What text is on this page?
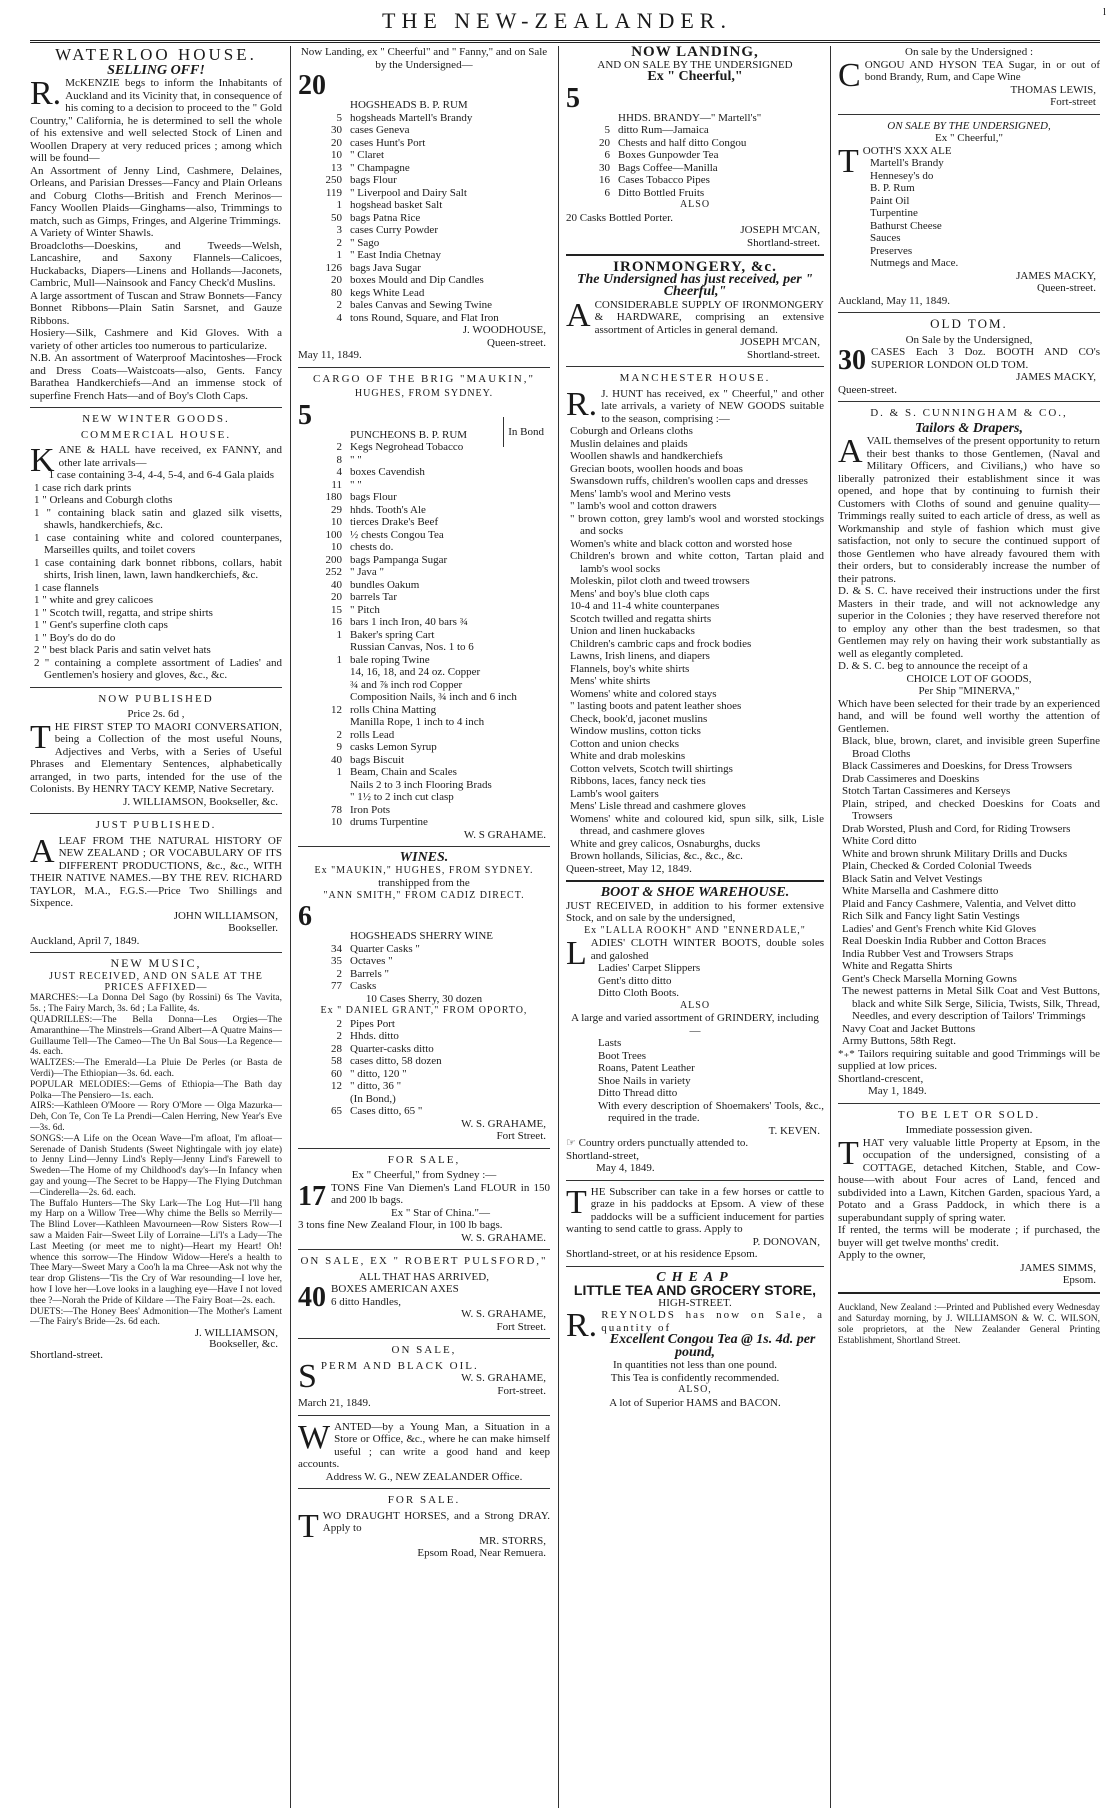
THE NEW-ZEALANDER.	l
WATERLOO HOUSE.
SELLING OFF!

R. McKENZIE begs to inform the Inhabitants of Auckland and its Vicinity that, in consequence of his coming to a decision to proceed to the " Gold Country," California, he is determined to sell the whole of his extensive and well selected Stock of Linen and Woollen Drapery at very reduced prices ; among which will be found—

An Assortment of Jenny Lind, Cashmere, Delaines, Orleans, and Parisian Dresses—Fancy and Plain Orleans and Coburg Cloths—British and French Merinos—Fancy Woollen Plaids—Ginghams—also, Trimmings to match, such as Gimps, Fringes, and Algerine Trimmings.

A Variety of Winter Shawls.

Broadcloths—Doeskins, and Tweeds—Welsh, Lancashire, and Saxony Flannels—Calicoes, Huckabacks, Diapers—Linens and Hollands—Jaconets, Cambric, Mull—Nainsook and Fancy Check'd Muslins.

A large assortment of Tuscan and Straw Bonnets—Fancy Bonnet Ribbons—Plain Satin Sarsnet, and Gauze Ribbons.

Hosiery—Silk, Cashmere and Kid Gloves. With a variety of other articles too numerous to particularize.

N.B. An assortment of Waterproof Macintoshes—Frock and Dress Coats—Waistcoats—also, Gents. Fancy Barathea Handkerchiefs—And an immense stock of superfine French Hats—and of Boy's Cloth Caps.

NEW WINTER GOODS.
COMMERCIAL HOUSE.

KANE & HALL have received, ex FANNY, and other late arrivals—

1 case containing 3-4, 4-4, 5-4, and 6-4 Gala plaids

1 case rich dark prints

1 " Orleans and Coburgh cloths

1 " containing black satin and glazed silk visetts, shawls, handkerchiefs, &c.

1 case containing white and colored counterpanes, Marseilles quilts, and toilet covers

1 case containing dark bonnet ribbons, collars, habit shirts, Irish linen, lawn, lawn handkerchiefs, &c.

1 case flannels

1 " white and grey calicoes

1 " Scotch twill, regatta, and stripe shirts

1 " Gent's superfine cloth caps

1 " Boy's do do do

2 " best black Paris and satin velvet hats

2 " containing a complete assortment of Ladies' and Gentlemen's hosiery and gloves, &c., &c.

NOW PUBLISHED
Price 2s. 6d ,

THE FIRST STEP TO MAORI CONVERSATION, being a Collection of the most useful Nouns, Adjectives and Verbs, with a Series of Useful Phrases and Elementary Sentences, alphabetically arranged, in two parts, intended for the use of the Colonists. By HENRY TACY KEMP, Native Secretary.

J. WILLIAMSON, Bookseller, &c.
JUST PUBLISHED.

ALEAF FROM THE NATURAL HISTORY OF NEW ZEALAND ; OR VOCABULARY OF ITS DIFFERENT PRODUCTIONS, &c., &c., WITH THEIR NATIVE NAMES.—BY THE REV. RICHARD TAYLOR, M.A., F.G.S.—Price Two Shillings and Sixpence.

JOHN WILLIAMSON,
Bookseller.
Auckland, April 7, 1849.
NEW MUSIC,
JUST RECEIVED, AND ON SALE AT THE PRICES AFFIXED—

MARCHES:—La Donna Del Sago (by Rossini) 6s The Vavita, 5s. ; The Fairy March, 3s. 6d ; La Fallite, 4s.

QUADRILLES:—The Bella Donna—Les Orgies—The Amaranthine—The Minstrels—Grand Albert—A Quatre Mains—Guillaume Tell—The Cameo—The Un Bal Sous—La Regence—4s. each.

WALTZES:—The Emerald—La Pluie De Perles (or Basta de Verdi)—The Ethiopian—3s. 6d. each.

POPULAR MELODIES:—Gems of Ethiopia—The Bath day Polka—The Pensiero—1s. each.

AIRS:—Kathleen O'Moore — Rory O'More — Olga Mazurka—Deh, Con Te, Con Te La Prendi—Calen Herring, New Year's Eve—3s. 6d.

SONGS:—A Life on the Ocean Wave—I'm afloat, I'm afloat—Serenade of Danish Students (Sweet Nightingale with joy elate) to Jenny Lind—Jenny Lind's Reply—Jenny Lind's Farewell to Sweden—The Home of my Childhood's day's—In Infancy when gay and young—The Secret to be Happy—The Flying Dutchman—Cinderella—2s. 6d. each.

The Buffalo Hunters—The Sky Lark—The Log Hut—I'll hang my Harp on a Willow Tree—Why chime the Bells so Merrily—The Blind Lover—Kathleen Mavourneen—Row Sisters Row—I saw a Maiden Fair—Sweet Lily of Lorraine—Li'l's a Lady—The Last Meeting (or meet me to night)—Heart my Heart! Oh! whence this sorrow—The Hindow Widow—Here's a health to Thee Mary—Sweet Mary a Coo'h la ma Chree—Ask not why the tear drop Glistens—'Tis the Cry of War resounding—I love her, how I love her—Love looks in a laughing eye—Have I not loved thee ?—Norah the Pride of Kildare —The Fairy Boat—2s. each.

DUETS:—The Honey Bees' Admonition—The Mother's Lament—The Fairy's Bride—2s. 6d each.

J. WILLIAMSON,
Bookseller, &c.
Shortland-street.

Now Landing, ex " Cheerful" and " Fanny," and on Sale by the Undersigned—

20
	HOGSHEADS B. P. RUM
5	hogsheads Martell's Brandy
30	cases Geneva
20	cases Hunt's Port
10	" Claret
13	" Champagne
250	bags Flour
119	" Liverpool and Dairy Salt
1	hogshead basket Salt
50	bags Patna Rice
3	cases Curry Powder
2	" Sago
1	" East India Chetnay
126	bags Java Sugar
20	boxes Mould and Dip Candles
80	kegs White Lead
2	bales Canvas and Sewing Twine
4	tons Round, Square, and Flat Iron
J. WOODHOUSE,
Queen-street.
May 11, 1849.
CARGO OF THE BRIG "MAUKIN,"
HUGHES, FROM SYDNEY.
5
In Bond
	PUNCHEONS B. P. RUM
2	Kegs Negrohead Tobacco
8	" "
4	boxes Cavendish
11	" "
180	bags Flour
29	hhds. Tooth's Ale
10	tierces Drake's Beef
100	½ chests Congou Tea
10	chests do.
200	bags Pampanga Sugar
252	" Java "
40	bundles Oakum
20	barrels Tar
15	" Pitch
16	bars 1 inch Iron, 40 bars ¾
1	Baker's spring Cart
	Russian Canvas, Nos. 1 to 6
1	bale roping Twine
	14, 16, 18, and 24 oz. Copper
	¾ and ⅞ inch rod Copper
	Composition Nails, ¾ inch and 6 inch
12	rolls China Matting
	Manilla Rope, 1 inch to 4 inch
2	rolls Lead
9	casks Lemon Syrup
40	bags Biscuit
1	Beam, Chain and Scales
	Nails 2 to 3 inch Flooring Brads
	" 1½ to 2 inch cut clasp
78	Iron Pots
10	drums Turpentine
W. S GRAHAME.
WINES.
Ex "MAUKIN," HUGHES, FROM SYDNEY.
transhipped from the
"ANN SMITH," FROM CADIZ DIRECT.
6
	HOGSHEADS SHERRY WINE
34	Quarter Casks "
35	Octaves "
2	Barrels "

77	Casks
10 Cases Sherry, 30 dozen
Ex " DANIEL GRANT," FROM OPORTO,
2	Pipes Port
2	Hhds. ditto
28	Quarter-casks ditto
58	cases ditto, 58 dozen
60	" ditto, 120 "
12	" ditto, 36 "
	(In Bond,)
65	Cases ditto, 65 "
W. S. GRAHAME,
Fort Street.
FOR SALE,
Ex " Cheerful," from Sydney :—

17 TONS Fine Van Diemen's Land FLOUR in 150 and 200 lb bags.

Ex " Star of China."—

3 tons fine New Zealand Flour, in 100 lb bags.

W. S. GRAHAME.
ON SALE, EX " ROBERT PULSFORD,"
ALL THAT HAS ARRIVED,

40 BOXES AMERICAN AXES

6 ditto Handles,
W. S. GRAHAME,
Fort Street.
ON SALE,

SPERM AND BLACK OIL.

W. S. GRAHAME,
Fort-street.
March 21, 1849.

WANTED—by a Young Man, a Situation in a Store or Office, &c., where he can make himself useful ; can write a good hand and keep accounts.

Address W. G., NEW ZEALANDER Office.
FOR SALE.

TWO DRAUGHT HORSES, and a Strong DRAY. Apply to

MR. STORRS,
Epsom Road, Near Remuera.
NOW LANDING,
AND ON SALE BY THE UNDERSIGNED
Ex " Cheerful,"
5
	HHDS. BRANDY—" Martell's"
5	ditto Rum—Jamaica
20	Chests and half ditto Congou
6	Boxes Gunpowder Tea
30	Bags Coffee—Manilla
16	Cases Tobacco Pipes
6	Ditto Bottled Fruits
ALSO
20 Casks Bottled Porter.
JOSEPH M'CAN,
Shortland-street.
IRONMONGERY, &c.
The Undersigned has just received, per " Cheerful,"

ACONSIDERABLE SUPPLY OF IRONMONGERY & HARDWARE, comprising an extensive assortment of Articles in general demand.

JOSEPH M'CAN,
Shortland-street.
MANCHESTER HOUSE.

R. J. HUNT has received, ex " Cheerful," and other late arrivals, a variety of NEW GOODS suitable to the season, comprising :—

Coburgh and Orleans cloths

Muslin delaines and plaids

Woollen shawls and handkerchiefs

Grecian boots, woollen hoods and boas

Swansdown ruffs, children's woollen caps and dresses

Mens' lamb's wool and Merino vests

" lamb's wool and cotton drawers

" brown cotton, grey lamb's wool and worsted stockings and socks

Women's white and black cotton and worsted hose

Children's brown and white cotton, Tartan plaid and lamb's wool socks

Moleskin, pilot cloth and tweed trowsers

Mens' and boy's blue cloth caps

10-4 and 11-4 white counterpanes

Scotch twilled and regatta shirts

Union and linen huckabacks

Children's cambric caps and frock bodies

Lawns, Irish linens, and diapers

Flannels, boy's white shirts

Mens' white shirts

Womens' white and colored stays

" lasting boots and patent leather shoes

Check, book'd, jaconet muslins

Window muslins, cotton ticks

Cotton and union checks

White and drab moleskins

Cotton velvets, Scotch twill shirtings

Ribbons, laces, fancy neck ties

Lamb's wool gaiters

Mens' Lisle thread and cashmere gloves

Womens' white and coloured kid, spun silk, silk, Lisle thread, and cashmere gloves

White and grey calicos, Osnaburghs, ducks

Brown hollands, Silicias, &c., &c., &c.

Queen-street, May 12, 1849.
BOOT & SHOE WAREHOUSE.

JUST RECEIVED, in addition to his former extensive Stock, and on sale by the undersigned,

Ex "LALLA ROOKH" AND "ENNERDALE,"

LADIES' CLOTH WINTER BOOTS, double soles and galoshed

Ladies' Carpet Slippers

Gent's ditto ditto

Ditto Cloth Boots.

ALSO

A large and varied assortment of GRINDERY, including—

Lasts

Boot Trees

Roans, Patent Leather

Shoe Nails in variety

Ditto Thread ditto

With every description of Shoemakers' Tools, &c., required in the trade.

T. KEVEN.
☞ Country orders punctually attended to.
Shortland-street,
May 4, 1849.

THE Subscriber can take in a few horses or cattle to graze in his paddocks at Epsom. A view of these paddocks will be a sufficient inducement for parties wanting to send cattle to grass. Apply to

P. DONOVAN,
Shortland-street, or at his residence Epsom.
CHEAP
LITTLE TEA AND GROCERY STORE,
HIGH-STREET.

R. REYNOLDS has now on Sale, a quantity of

Excellent Congou Tea @ 1s. 4d. per pound,
In quantities not less than one pound.
This Tea is confidently recommended.
ALSO,
A lot of Superior HAMS and BACON.
On sale by the Undersigned :

CONGOU AND HYSON TEA Sugar, in or out of bond Brandy, Rum, and Cape Wine

THOMAS LEWIS,
Fort-street
ON SALE BY THE UNDERSIGNED,
Ex " Cheerful,"

TOOTH'S XXX ALE

Martell's Brandy

Hennesey's do

B. P. Rum

Paint Oil

Turpentine

Bathurst Cheese

Sauces

Preserves

Nutmegs and Mace.

JAMES MACKY,
Queen-street.
Auckland, May 11, 1849.
OLD TOM.
On Sale by the Undersigned,

30 CASES Each 3 Doz. BOOTH AND CO's SUPERIOR LONDON OLD TOM.

JAMES MACKY,
Queen-street.
D. & S. CUNNINGHAM & CO.,
Tailors & Drapers,

AVAIL themselves of the present opportunity to return their best thanks to those Gentlemen, (Naval and Military Officers, and Civilians,) who have so liberally patronized their establishment since it was opened, and hope that by continuing to furnish their Customers with Cloths of sound and genuine quality—Trimmings really suited to each article of dress, as well as Workmanship and style of fashion which must give satisfaction, not only to secure the continued support of those Gentlemen who have already favoured them with their orders, but to considerably increase the number of their patrons.

D. & S. C. have received their instructions under the first Masters in their trade, and will not acknowledge any superior in the Colonies ; they have reserved therefore not to employ any other than the best tradesmen, so that Gentlemen may rely on having their work substantially as well as elegantly completed.

D. & S. C. beg to announce the receipt of a

CHOICE LOT OF GOODS,
Per Ship "MINERVA,"

Which have been selected for their trade by an experienced hand, and will be found well worthy the attention of Gentlemen.

Black, blue, brown, claret, and invisible green Superfine Broad Cloths

Black Cassimeres and Doeskins, for Dress Trowsers

Drab Cassimeres and Doeskins

Stotch Tartan Cassimeres and Kerseys

Plain, striped, and checked Doeskins for Coats and Trowsers

Drab Worsted, Plush and Cord, for Riding Trowsers

White Cord ditto

White and brown shrunk Military Drills and Ducks

Plain, Checked & Corded Colonial Tweeds

Black Satin and Velvet Vestings

White Marsella and Cashmere ditto

Plaid and Fancy Cashmere, Valentia, and Velvet ditto

Rich Silk and Fancy light Satin Vestings

Ladies' and Gent's French white Kid Gloves

Real Doeskin India Rubber and Cotton Braces

India Rubber Vest and Trowsers Straps

White and Regatta Shirts

Gent's Check Marsella Morning Gowns

The newest patterns in Metal Silk Coat and Vest Buttons, black and white Silk Serge, Silicia, Twists, Silk, Thread, Needles, and every description of Tailors' Trimmings

Navy Coat and Jacket Buttons

Army Buttons, 58th Regt.

*₊* Tailors requiring suitable and good Trimmings will be supplied at low prices.

Shortland-crescent,
May 1, 1849.
TO BE LET OR SOLD.
Immediate possession given.

THAT very valuable little Property at Epsom, in the occupation of the undersigned, consisting of a COTTAGE, detached Kitchen, Stable, and Cow-house—with about Four acres of Land, fenced and subdivided into a Lawn, Kitchen Garden, spacious Yard, a Potato and a Grass Paddock, in which there is a superabundant supply of spring water.

If rented, the terms will be moderate ; if purchased, the buyer will get twelve months' credit.

Apply to the owner,

JAMES SIMMS,
Epsom.

Auckland, New Zealand :—Printed and Published every Wednesday and Saturday morning, by J. WILLIAMSON & W. C. WILSON, sole proprietors, at the New Zealander General Printing Establishment, Shortland Street.
